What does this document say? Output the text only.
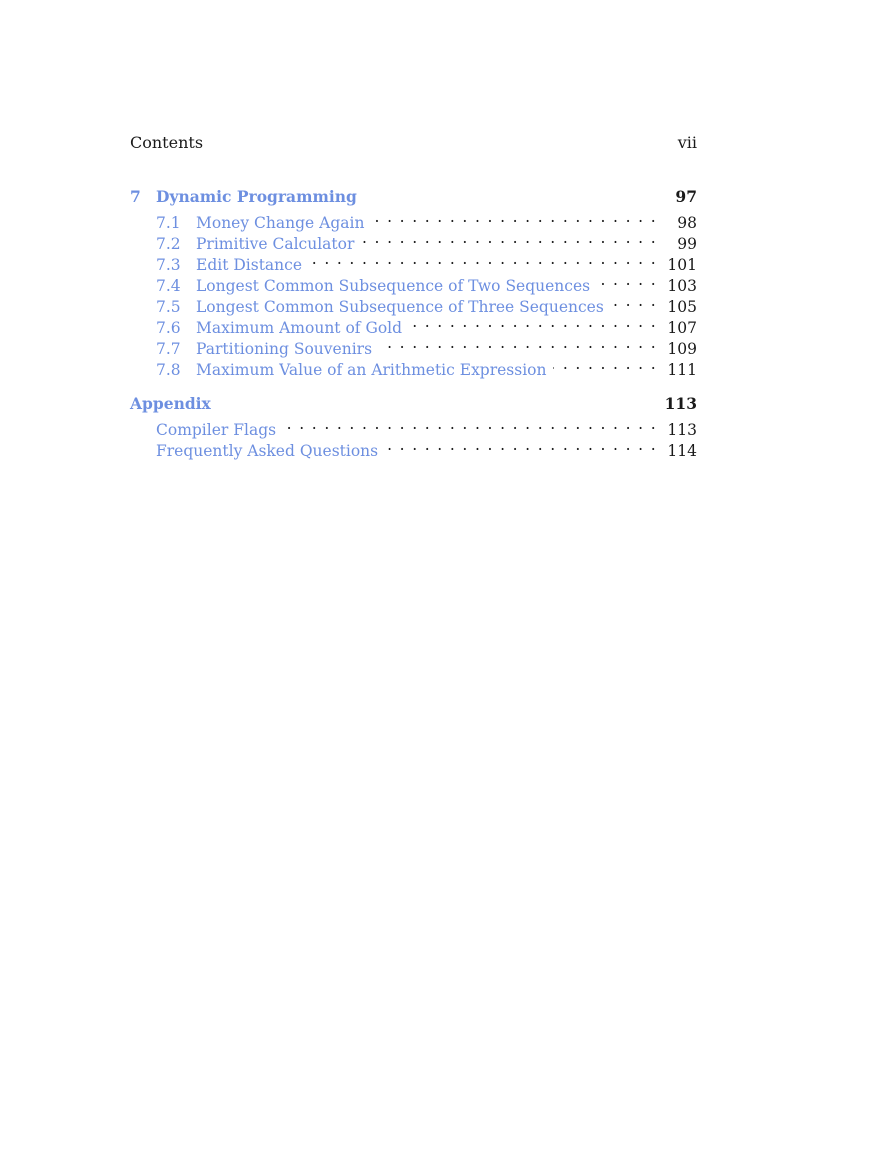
Contents	vii
7 Dynamic Programming	97
7.1 Money Change Again . . .	98
7.2 Primitive Calculator . . .	99
7.3 Edit Distance . . .	101
7.4 Longest Common Subsequence of Two Sequences . . .	103
7.5 Longest Common Subsequence of Three Sequences . . .	105
7.6 Maximum Amount of Gold . . .	107
7.7 Partitioning Souvenirs . . .	109
7.8 Maximum Value of an Arithmetic Expression . . .	111
Appendix	113
Compiler Flags . . .	113
Frequently Asked Questions . . .	114
